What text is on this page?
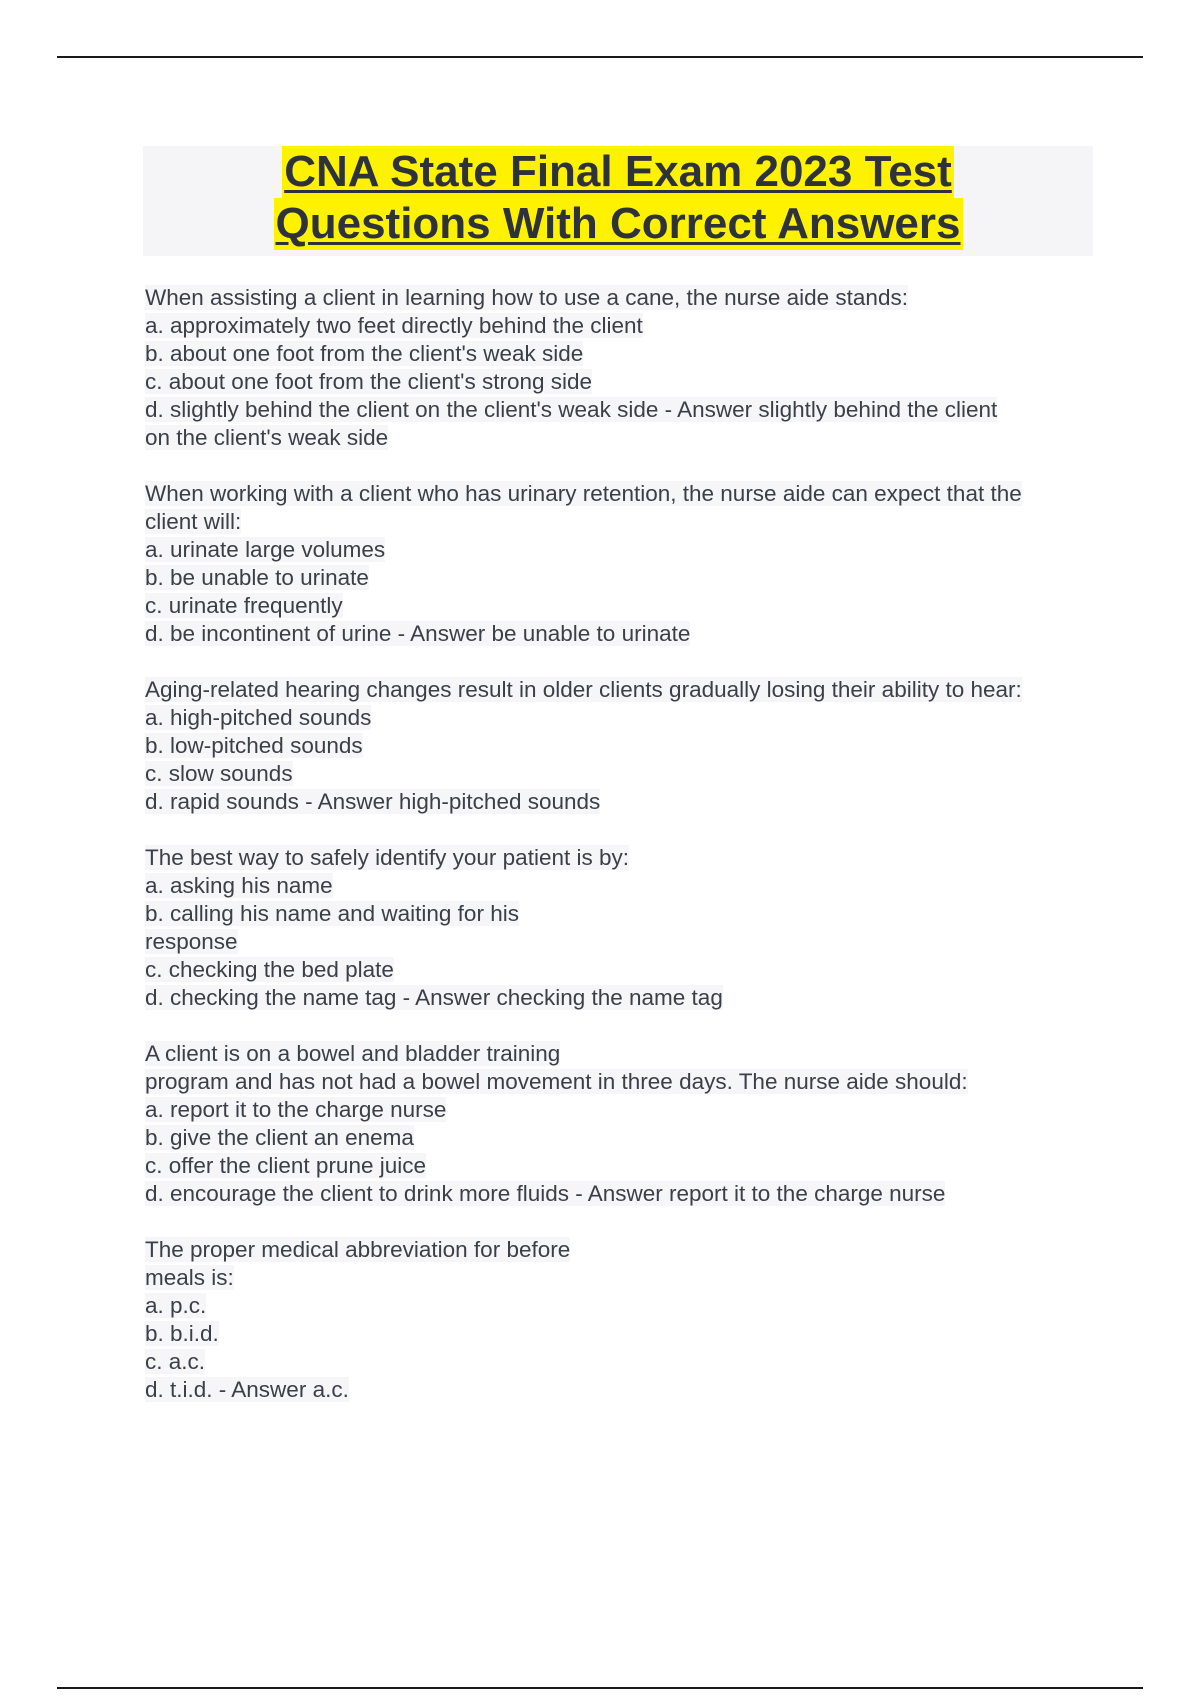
CNA State Final Exam 2023 Test
Questions With Correct Answers
When assisting a client in learning how to use a cane, the nurse aide stands:
a. approximately two feet directly behind the client
b. about one foot from the client's weak side
c. about one foot from the client's strong side
d. slightly behind the client on the client's weak side - Answer slightly behind the client
on the client's weak side
When working with a client who has urinary retention, the nurse aide can expect that the
client will:
a. urinate large volumes
b. be unable to urinate
c. urinate frequently
d. be incontinent of urine - Answer be unable to urinate
Aging-related hearing changes result in older clients gradually losing their ability to hear:
a. high-pitched sounds
b. low-pitched sounds
c. slow sounds
d. rapid sounds - Answer high-pitched sounds
The best way to safely identify your patient is by:
a. asking his name
b. calling his name and waiting for his
response
c. checking the bed plate
d. checking the name tag - Answer checking the name tag
A client is on a bowel and bladder training
program and has not had a bowel movement in three days. The nurse aide should:
a. report it to the charge nurse
b. give the client an enema
c. offer the client prune juice
d. encourage the client to drink more fluids - Answer report it to the charge nurse
The proper medical abbreviation for before
meals is:
a. p.c.
b. b.i.d.
c. a.c.
d. t.i.d. - Answer a.c.
